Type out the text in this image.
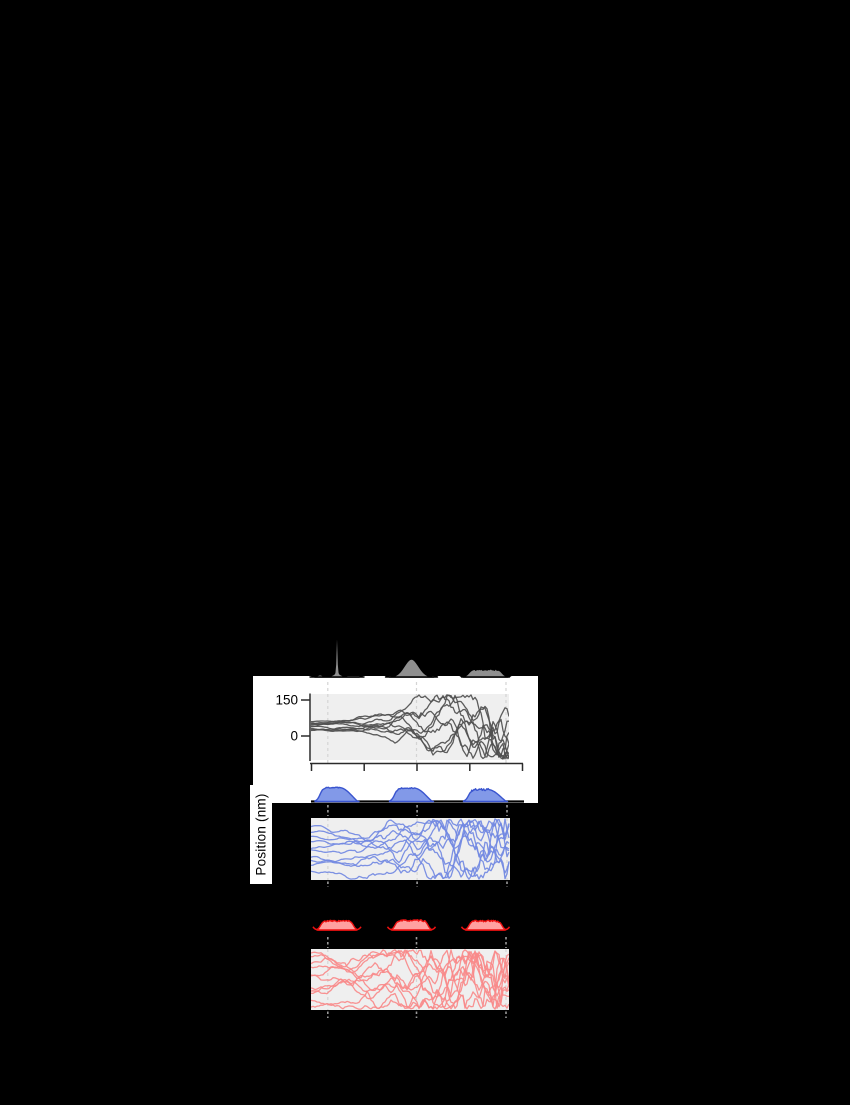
150
0
Position (nm)
